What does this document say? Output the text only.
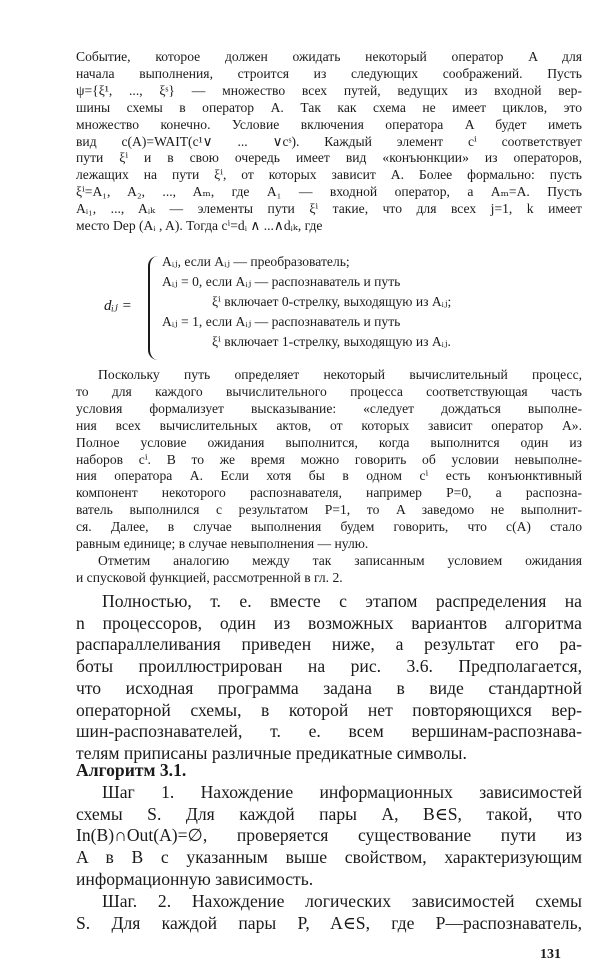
Событие, которое должен ожидать некоторый оператор A для
начала выполнения, строится из следующих соображений. Пусть
ψ={ξ¹, ..., ξˢ} — множество всех путей, ведущих из входной вер-
шины схемы в оператор A. Так как схема не имеет циклов, это
множество конечно. Условие включения оператора A будет иметь
вид c(A)=WAIT(c¹∨ ... ∨cˢ). Каждый элемент cⁱ соответствует
пути ξⁱ и в свою очередь имеет вид «конъюнкции» из операторов,
лежащих на пути ξⁱ, от которых зависит A. Более формально: пусть
ξⁱ=A₁, A₂, ..., Aₘ, где A₁ — входной оператор, а Aₘ=A. Пусть
Aᵢ₁, ..., Aᵢₖ — элементы пути ξⁱ такие, что для всех j=1, k имеет
место Dep (Aᵢ , A). Тогда cⁱ=dᵢ ∧ ...∧dᵢₖ, где
dᵢⱼ =
Aᵢⱼ, если Aᵢⱼ — преобразователь;
Aᵢⱼ = 0, если Aᵢⱼ — распознаватель и путь
ξⁱ включает 0-стрелку, выходящую из Aᵢⱼ;
Aᵢⱼ = 1, если Aᵢⱼ — распознаватель и путь
ξⁱ включает 1-стрелку, выходящую из Aᵢⱼ.
Поскольку путь определяет некоторый вычислительный процесс,
то для каждого вычислительного процесса соответствующая часть
условия формализует высказывание: «следует дождаться выполне-
ния всех вычислительных актов, от которых зависит оператор A».
Полное условие ожидания выполнится, когда выполнится один из
наборов cⁱ. В то же время можно говорить об условии невыполне-
ния оператора A. Если хотя бы в одном cⁱ есть конъюнктивный
компонент некоторого распознавателя, например P=0, а распозна-
ватель выполнился с результатом P=1, то A заведомо не выполнит-
ся. Далее, в случае выполнения будем говорить, что c(A) стало
равным единице; в случае невыполнения — нулю.
Отметим аналогию между так записанным условием ожидания
и спусковой функцией, рассмотренной в гл. 2.
Полностью, т. е. вместе с этапом распределения на
n процессоров, один из возможных вариантов алгоритма
распараллеливания приведен ниже, а результат его ра-
боты проиллюстрирован на рис. 3.6. Предполагается,
что исходная программа задана в виде стандартной
операторной схемы, в которой нет повторяющихся вер-
шин-распознавателей, т. е. всем вершинам-распознава-
телям приписаны различные предикатные символы.
Алгоритм 3.1.
Шаг 1. Нахождение информационных зависимостей
схемы S. Для каждой пары A, B∈S, такой, что
In(B)∩Out(A)=∅, проверяется существование пути из
A в B с указанным выше свойством, характеризующим
информационную зависимость.
Шаг. 2. Нахождение логических зависимостей схемы
S. Для каждой пары P, A∈S, где P—распознаватель,
131
